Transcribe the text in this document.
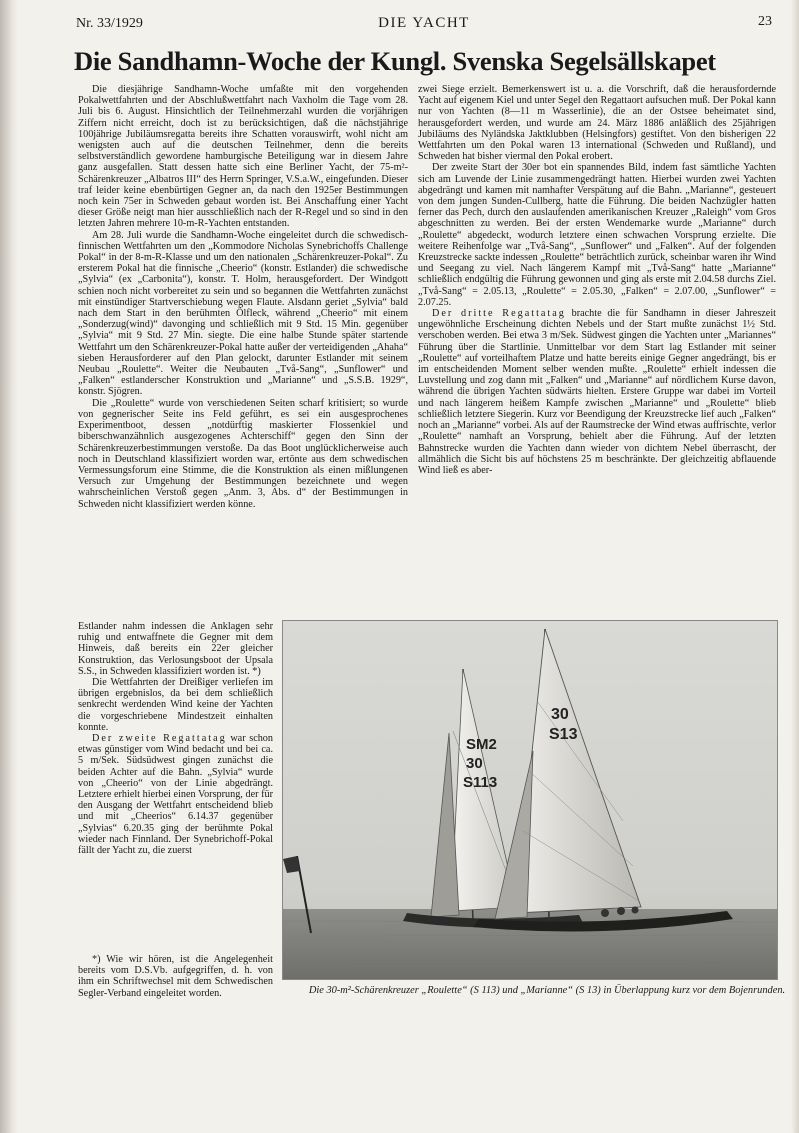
Nr. 33/1929	DIE YACHT	23
Die Sandhamn-Woche der Kungl. Svenska Segelsällskapet

Die diesjährige Sandhamn-Woche umfaßte mit den vorgehenden Pokalwettfahrten und der Abschlußwettfahrt nach Vaxholm die Tage vom 28. Juli bis 6. August. Hinsichtlich der Teilnehmerzahl wurden die vorjährigen Ziffern nicht erreicht, doch ist zu berücksichtigen, daß die nächstjährige 100jährige Jubiläumsregatta bereits ihre Schatten vorauswirft, wohl nicht am wenigsten auch auf die deutschen Teilnehmer, denn die bereits selbstverständlich gewordene hamburgische Beteiligung war in diesem Jahre ganz ausgefallen. Statt dessen hatte sich eine Berliner Yacht, der 75-m²-Schärenkreuzer „Albatros III“ des Herrn Springer, V.S.a.W., eingefunden. Dieser traf leider keine ebenbürtigen Gegner an, da nach den 1925er Bestimmungen noch kein 75er in Schweden gebaut worden ist. Bei Anschaffung einer Yacht dieser Größe neigt man hier ausschließlich nach der R-Regel und so sind in den letzten Jahren mehrere 10-m-R-Yachten entstanden.

Am 28. Juli wurde die Sandhamn-Woche eingeleitet durch die schwedisch-finnischen Wettfahrten um den „Kommodore Nicholas Synebrichoffs Challenge Pokal“ in der 8-m-R-Klasse und um den nationalen „Schärenkreuzer-Pokal“. Zu ersterem Pokal hat die finnische „Cheerio“ (konstr. Estlander) die schwedische „Sylvia“ (ex „Carbonita“), konstr. T. Holm, herausgefordert. Der Windgott schien noch nicht vorbereitet zu sein und so begannen die Wettfahrten zunächst mit einstündiger Startverschiebung wegen Flaute. Alsdann geriet „Sylvia“ bald nach dem Start in den berühmten Ölfleck, während „Cheerio“ mit einem „Sonderzug(wind)“ davonging und schließlich mit 9 Std. 15 Min. gegenüber „Sylvia“ mit 9 Std. 27 Min. siegte. Die eine halbe Stunde später startende Wettfahrt um den Schärenkreuzer-Pokal hatte außer der verteidigenden „Ahaha“ sieben Herausforderer auf den Plan gelockt, darunter Estlander mit seinem Neubau „Roulette“. Weiter die Neubauten „Två-Sang“, „Sunflower“ und „Falken“ estlanderscher Konstruktion und „Marianne“ und „S.S.B. 1929“, konstr. Sjögren.

Die „Roulette“ wurde von verschiedenen Seiten scharf kritisiert; so wurde von gegnerischer Seite ins Feld geführt, es sei ein ausgesprochenes Experimentboot, dessen „notdürftig maskierter Flossenkiel und biberschwanzähnlich ausgezogenes Achterschiff“ gegen den Sinn der Schärenkreuzerbestimmungen verstoße. Da das Boot unglücklicherweise auch noch in Deutschland klassifiziert worden war, ertönte aus dem schwedischen Vermessungsforum eine Stimme, die die Konstruktion als einen mißlungenen Versuch zur Umgehung der Bestimmungen bezeichnete und wegen wahrscheinlichen Verstoß gegen „Anm. 3, Abs. d“ der Bestimmungen in Schweden nicht klassifiziert werden könne.

Estlander nahm indessen die Anklagen sehr ruhig und entwaffnete die Gegner mit dem Hinweis, daß bereits ein 22er gleicher Konstruktion, das Verlosungsboot der Upsala S.S., in Schweden klassifiziert worden ist. *)

Die Wettfahrten der Dreißiger verliefen im übrigen ergebnislos, da bei dem schließlich senkrecht werdenden Wind keine der Yachten die vorgeschriebene Mindestzeit einhalten konnte.

Der zweite Regattatag war schon etwas günstiger vom Wind bedacht und bei ca. 5 m/Sek. Südsüdwest gingen zunächst die beiden Achter auf die Bahn. „Sylvia“ wurde von „Cheerio“ von der Linie abgedrängt. Letztere erhielt hierbei einen Vorsprung, der für den Ausgang der Wettfahrt entscheidend blieb und mit „Cheerios“ 6.14.37 gegenüber „Sylvias“ 6.20.35 ging der berühmte Pokal wieder nach Finnland. Der Synebrichoff-Pokal fällt der Yacht zu, die zuerst

*) Wie wir hören, ist die Angelegenheit bereits vom D.S.Vb. aufgegriffen, d. h. von ihm ein Schriftwechsel mit dem Schwedischen Segler-Verband eingeleitet worden.

zwei Siege erzielt. Bemerkenswert ist u. a. die Vorschrift, daß die herausfordernde Yacht auf eigenem Kiel und unter Segel den Regattaort aufsuchen muß. Der Pokal kann nur von Yachten (8—11 m Wasserlinie), die an der Ostsee beheimatet sind, herausgefordert werden, und wurde am 24. März 1886 anläßlich des 25jährigen Jubiläums des Nyländska Jaktklubben (Helsingfors) gestiftet. Von den bisherigen 22 Wettfahrten um den Pokal waren 13 international (Schweden und Rußland), und Schweden hat bisher viermal den Pokal erobert.

Der zweite Start der 30er bot ein spannendes Bild, indem fast sämtliche Yachten sich am Luvende der Linie zusammengedrängt hatten. Hierbei wurden zwei Yachten abgedrängt und kamen mit namhafter Verspätung auf die Bahn. „Marianne“, gesteuert von dem jungen Sunden-Cullberg, hatte die Führung. Die beiden Nachzügler hatten ferner das Pech, durch den auslaufenden amerikanischen Kreuzer „Raleigh“ vom Gros abgeschnitten zu werden. Bei der ersten Wendemarke wurde „Marianne“ durch „Roulette“ abgedeckt, wodurch letztere einen schwachen Vorsprung erzielte. Die weitere Reihenfolge war „Två-Sang“, „Sunflower“ und „Falken“. Auf der folgenden Kreuzstrecke sackte indessen „Roulette“ beträchtlich zurück, scheinbar waren ihr Wind und Seegang zu viel. Nach längerem Kampf mit „Två-Sang“ hatte „Marianne“ schließlich endgültig die Führung gewonnen und ging als erste mit 2.04.58 durchs Ziel. „Två-Sang“ = 2.05.13, „Roulette“ = 2.05.30, „Falken“ = 2.07.00, „Sunflower“ = 2.07.25.

Der dritte Regattatag brachte die für Sandhamn in dieser Jahreszeit ungewöhnliche Erscheinung dichten Nebels und der Start mußte zunächst 1½ Std. verschoben werden. Bei etwa 3 m/Sek. Südwest gingen die Yachten unter „Mariannes“ Führung über die Startlinie. Unmittelbar vor dem Start lag Estlander mit seiner „Roulette“ auf vorteilhaftem Platze und hatte bereits einige Gegner angedrängt, bis er im entscheidenden Moment selber wenden mußte. „Roulette“ erhielt indessen die Luvstellung und zog dann mit „Falken“ und „Marianne“ auf nördlichem Kurse davon, während die übrigen Yachten südwärts hielten. Erstere Gruppe war dabei im Vorteil und nach längerem heißem Kampfe zwischen „Marianne“ und „Roulette“ blieb schließlich letztere Siegerin. Kurz vor Beendigung der Kreuzstrecke lief auch „Falken“ noch an „Marianne“ vorbei. Als auf der Raumstrecke der Wind etwas auffrischte, verlor „Roulette“ namhaft an Vorsprung, behielt aber die Führung. Auf der letzten Bahnstrecke wurden die Yachten dann wieder von dichtem Nebel überrascht, der allmählich die Sicht bis auf höchstens 25 m beschränkte. Der gleichzeitig abflauende Wind ließ es aber-

SM2
30
S113
30
S13
Die 30-m²-Schärenkreuzer „Roulette“ (S 113) und „Marianne“ (S 13) in Überlappung kurz vor dem Bojenrunden.
